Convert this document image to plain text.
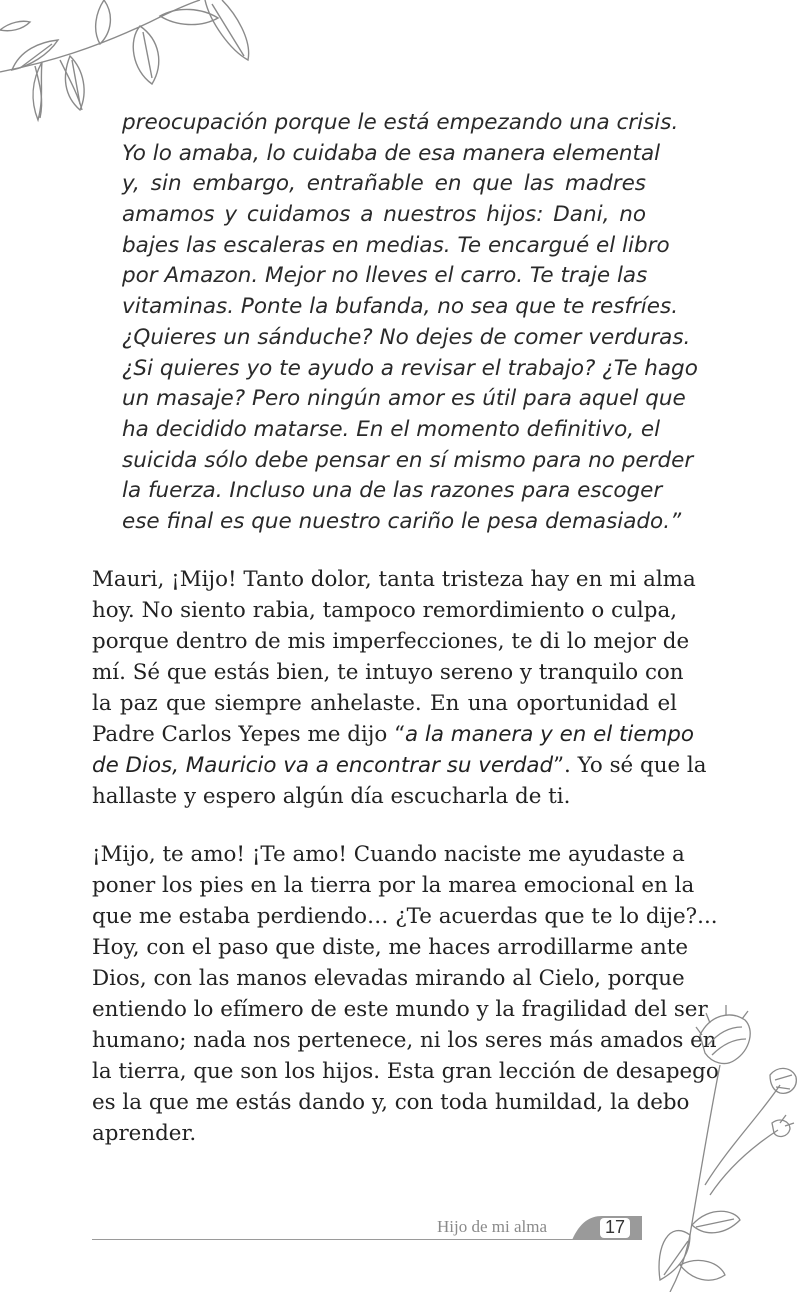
preocupación porque le está empezando una crisis.
Yo lo amaba, lo cuidaba de esa manera elemental
y, sin embargo, entrañable en que las madres
amamos y cuidamos a nuestros hijos: Dani, no
bajes las escaleras en medias. Te encargué el libro
por Amazon. Mejor no lleves el carro. Te traje las
vitaminas. Ponte la bufanda, no sea que te resfríes.
¿Quieres un sánduche? No dejes de comer verduras.
¿Si quieres yo te ayudo a revisar el trabajo? ¿Te hago
un masaje? Pero ningún amor es útil para aquel que
ha decidido matarse. En el momento definitivo, el
suicida sólo debe pensar en sí mismo para no perder
la fuerza. Incluso una de las razones para escoger
ese final es que nuestro cariño le pesa demasiado.”
Mauri, ¡Mijo! Tanto dolor, tanta tristeza hay en mi alma
hoy. No siento rabia, tampoco remordimiento o culpa,
porque dentro de mis imperfecciones, te di lo mejor de
mí. Sé que estás bien, te intuyo sereno y tranquilo con
la paz que siempre anhelaste. En una oportunidad el
Padre Carlos Yepes me dijo “a la manera y en el tiempo
de Dios, Mauricio va a encontrar su verdad”. Yo sé que la
hallaste y espero algún día escucharla de ti.
¡Mijo, te amo! ¡Te amo! Cuando naciste me ayudaste a
poner los pies en la tierra por la marea emocional en la
que me estaba perdiendo… ¿Te acuerdas que te lo dije?...
Hoy, con el paso que diste, me haces arrodillarme ante
Dios, con las manos elevadas mirando al Cielo, porque
entiendo lo efímero de este mundo y la fragilidad del ser
humano; nada nos pertenece, ni los seres más amados en
la tierra, que son los hijos. Esta gran lección de desapego
es la que me estás dando y, con toda humildad, la debo
aprender.
Hijo de mi alma	17
